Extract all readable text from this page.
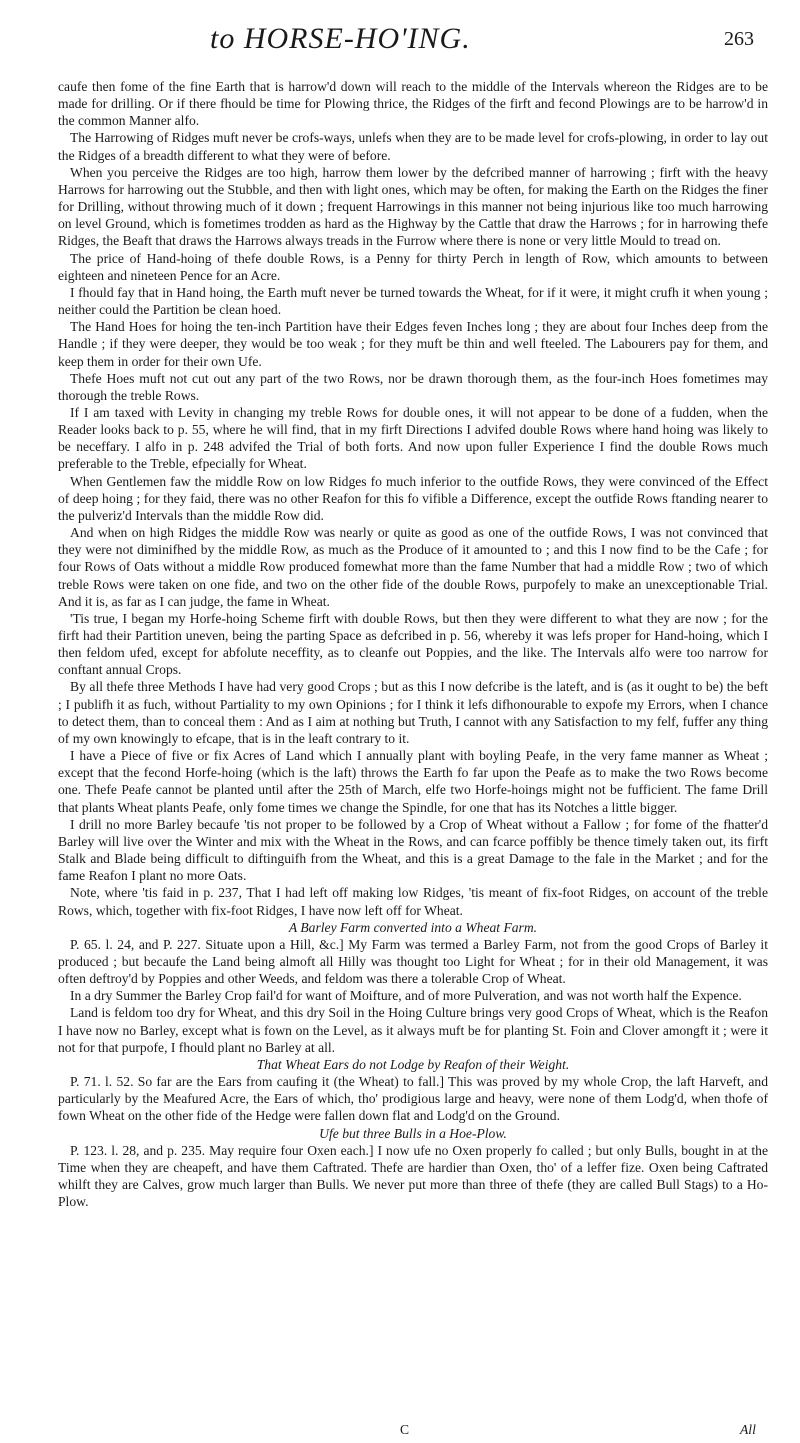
to HORSE-HO'ING.	263

caufe then fome of the fine Earth that is harrow'd down will reach to the middle of the Intervals whereon the Ridges are to be made for drilling. Or if there fhould be time for Plowing thrice, the Ridges of the firft and fecond Plowings are to be harrow'd in the common Manner alfo.

The Harrowing of Ridges muft never be crofs-ways, unlefs when they are to be made level for crofs-plowing, in order to lay out the Ridges of a breadth different to what they were of before.

When you perceive the Ridges are too high, harrow them lower by the defcribed manner of harrowing ; firft with the heavy Harrows for harrowing out the Stubble, and then with light ones, which may be often, for making the Earth on the Ridges the finer for Drilling, without throwing much of it down ; frequent Harrowings in this manner not being injurious like too much harrowing on level Ground, which is fometimes trodden as hard as the Highway by the Cattle that draw the Harrows ; for in harrowing thefe Ridges, the Beaft that draws the Harrows always treads in the Furrow where there is none or very little Mould to tread on.

The price of Hand-hoing of thefe double Rows, is a Penny for thirty Perch in length of Row, which amounts to between eighteen and nineteen Pence for an Acre.

I fhould fay that in Hand hoing, the Earth muft never be turned towards the Wheat, for if it were, it might crufh it when young ; neither could the Partition be clean hoed.

The Hand Hoes for hoing the ten-inch Partition have their Edges feven Inches long ; they are about four Inches deep from the Handle ; if they were deeper, they would be too weak ; for they muft be thin and well fteeled. The Labourers pay for them, and keep them in order for their own Ufe.

Thefe Hoes muft not cut out any part of the two Rows, nor be drawn thorough them, as the four-inch Hoes fometimes may thorough the treble Rows.

If I am taxed with Levity in changing my treble Rows for double ones, it will not appear to be done of a fudden, when the Reader looks back to p. 55, where he will find, that in my firft Directions I advifed double Rows where hand hoing was likely to be neceffary. I alfo in p. 248 advifed the Trial of both forts. And now upon fuller Experience I find the double Rows much preferable to the Treble, efpecially for Wheat.

When Gentlemen faw the middle Row on low Ridges fo much inferior to the outfide Rows, they were convinced of the Effect of deep hoing ; for they faid, there was no other Reafon for this fo vifible a Difference, except the outfide Rows ftanding nearer to the pulveriz'd Intervals than the middle Row did.

And when on high Ridges the middle Row was nearly or quite as good as one of the outfide Rows, I was not convinced that they were not diminifhed by the middle Row, as much as the Produce of it amounted to ; and this I now find to be the Cafe ; for four Rows of Oats without a middle Row produced fomewhat more than the fame Number that had a middle Row ; two of which treble Rows were taken on one fide, and two on the other fide of the double Rows, purpofely to make an unexceptionable Trial. And it is, as far as I can judge, the fame in Wheat.

'Tis true, I began my Horfe-hoing Scheme firft with double Rows, but then they were different to what they are now ; for the firft had their Partition uneven, being the parting Space as defcribed in p. 56, whereby it was lefs proper for Hand-hoing, which I then feldom ufed, except for abfolute neceffity, as to cleanfe out Poppies, and the like. The Intervals alfo were too narrow for conftant annual Crops.

By all thefe three Methods I have had very good Crops ; but as this I now defcribe is the lateft, and is (as it ought to be) the beft ; I publifh it as fuch, without Partiality to my own Opinions ; for I think it lefs difhonourable to expofe my Errors, when I chance to detect them, than to conceal them : And as I aim at nothing but Truth, I cannot with any Satisfaction to my felf, fuffer any thing of my own knowingly to efcape, that is in the leaft contrary to it.

I have a Piece of five or fix Acres of Land which I annually plant with boyling Peafe, in the very fame manner as Wheat ; except that the fecond Horfe-hoing (which is the laft) throws the Earth fo far upon the Peafe as to make the two Rows become one. Thefe Peafe cannot be planted until after the 25th of March, elfe two Horfe-hoings might not be fufficient. The fame Drill that plants Wheat plants Peafe, only fome times we change the Spindle, for one that has its Notches a little bigger.

I drill no more Barley becaufe 'tis not proper to be followed by a Crop of Wheat without a Fallow ; for fome of the fhatter'd Barley will live over the Winter and mix with the Wheat in the Rows, and can fcarce poffibly be thence timely taken out, its firft Stalk and Blade being difficult to diftinguifh from the Wheat, and this is a great Damage to the fale in the Market ; and for the fame Reafon I plant no more Oats.

Note, where 'tis faid in p. 237, That I had left off making low Ridges, 'tis meant of fix-foot Ridges, on account of the treble Rows, which, together with fix-foot Ridges, I have now left off for Wheat.

A Barley Farm converted into a Wheat Farm.

P. 65. l. 24, and P. 227. Situate upon a Hill, &c.] My Farm was termed a Barley Farm, not from the good Crops of Barley it produced ; but becaufe the Land being almoft all Hilly was thought too Light for Wheat ; for in their old Management, it was often deftroy'd by Poppies and other Weeds, and feldom was there a tolerable Crop of Wheat.

In a dry Summer the Barley Crop fail'd for want of Moifture, and of more Pulveration, and was not worth half the Expence.

Land is feldom too dry for Wheat, and this dry Soil in the Hoing Culture brings very good Crops of Wheat, which is the Reafon I have now no Barley, except what is fown on the Level, as it always muft be for planting St. Foin and Clover amongft it ; were it not for that purpofe, I fhould plant no Barley at all.

That Wheat Ears do not Lodge by Reafon of their Weight.

P. 71. l. 52. So far are the Ears from caufing it (the Wheat) to fall.] This was proved by my whole Crop, the laft Harveft, and particularly by the Meafured Acre, the Ears of which, tho' prodigious large and heavy, were none of them Lodg'd, when thofe of fown Wheat on the other fide of the Hedge were fallen down flat and Lodg'd on the Ground.

Ufe but three Bulls in a Hoe-Plow.

P. 123. l. 28, and p. 235. May require four Oxen each.] I now ufe no Oxen properly fo called ; but only Bulls, bought in at the Time when they are cheapeft, and have them Caftrated. Thefe are hardier than Oxen, tho' of a leffer fize. Oxen being Caftrated whilft they are Calves, grow much larger than Bulls. We never put more than three of thefe (they are called Bull Stags) to a Ho-Plow.

C	All
